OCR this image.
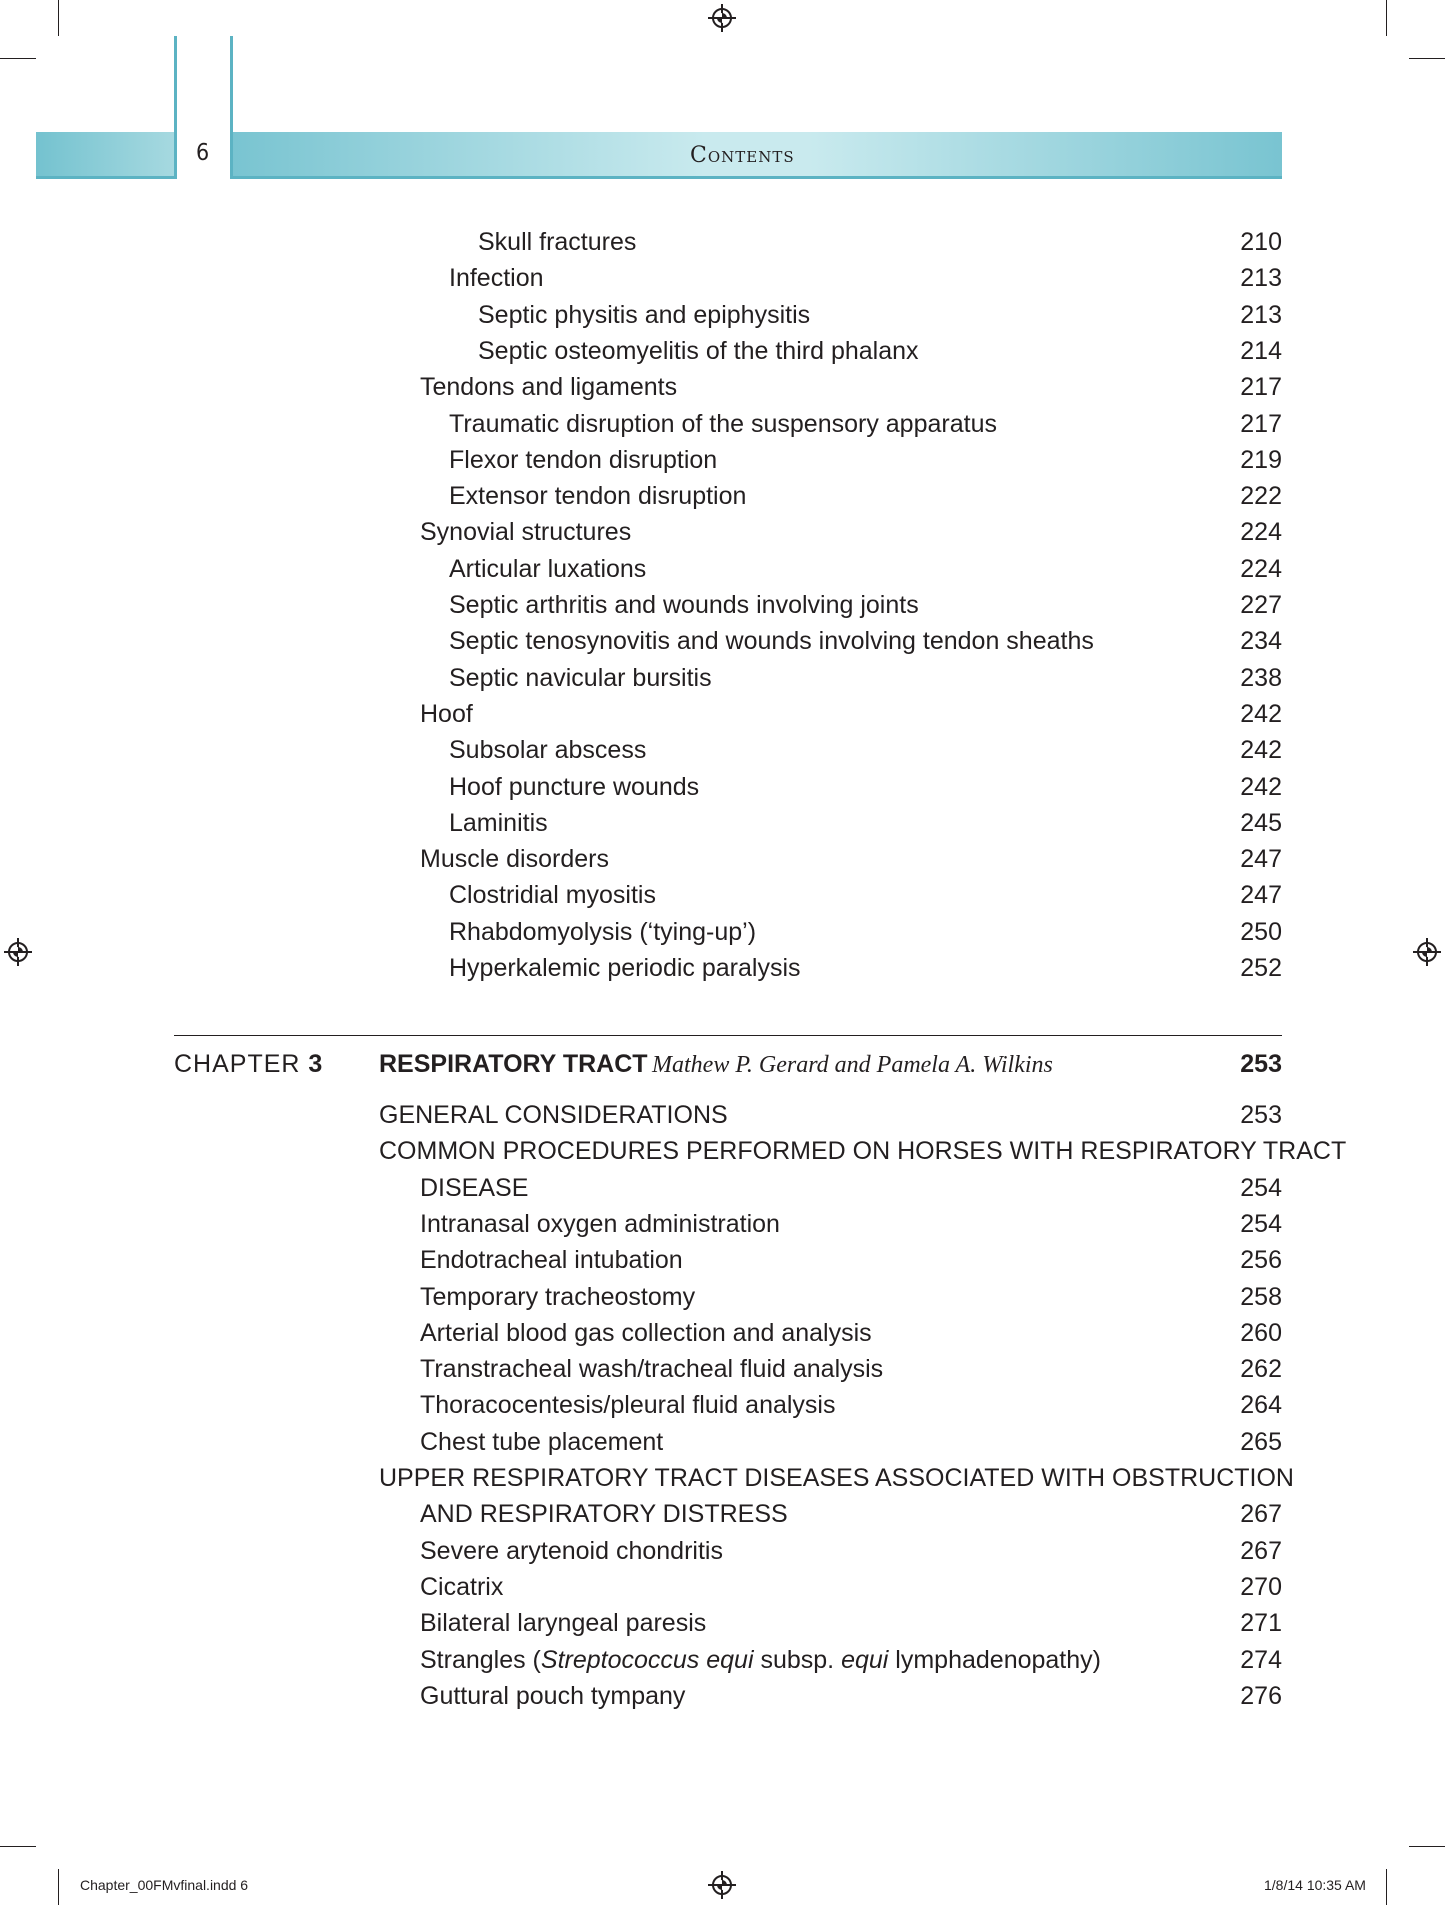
6	Contents
Skull fractures	210
Infection	213
Septic physitis and epiphysitis	213
Septic osteomyelitis of the third phalanx	214
Tendons and ligaments	217
Traumatic disruption of the suspensory apparatus	217
Flexor tendon disruption	219
Extensor tendon disruption	222
Synovial structures	224
Articular luxations	224
Septic arthritis and wounds involving joints	227
Septic tenosynovitis and wounds involving tendon sheaths	234
Septic navicular bursitis	238
Hoof	242
Subsolar abscess	242
Hoof puncture wounds	242
Laminitis	245
Muscle disorders	247
Clostridial myositis	247
Rhabdomyolysis (‘tying-up’)	250
Hyperkalemic periodic paralysis	252
CHAPTER 3 RESPIRATORY TRACT Mathew P. Gerard and Pamela A. Wilkins	253
GENERAL CONSIDERATIONS	253
COMMON PROCEDURES PERFORMED ON HORSES WITH RESPIRATORY TRACT
DISEASE	254
Intranasal oxygen administration	254
Endotracheal intubation	256
Temporary tracheostomy	258
Arterial blood gas collection and analysis	260
Transtracheal wash/tracheal fluid analysis	262
Thoracocentesis/pleural fluid analysis	264
Chest tube placement	265
UPPER RESPIRATORY TRACT DISEASES ASSOCIATED WITH OBSTRUCTION
AND RESPIRATORY DISTRESS	267
Severe arytenoid chondritis	267
Cicatrix	270
Bilateral laryngeal paresis	271
Strangles (Streptococcus equi subsp. equi lymphadenopathy)	274
Guttural pouch tympany	276
Chapter_00FMvfinal.indd 6	1/8/14 10:35 AM
